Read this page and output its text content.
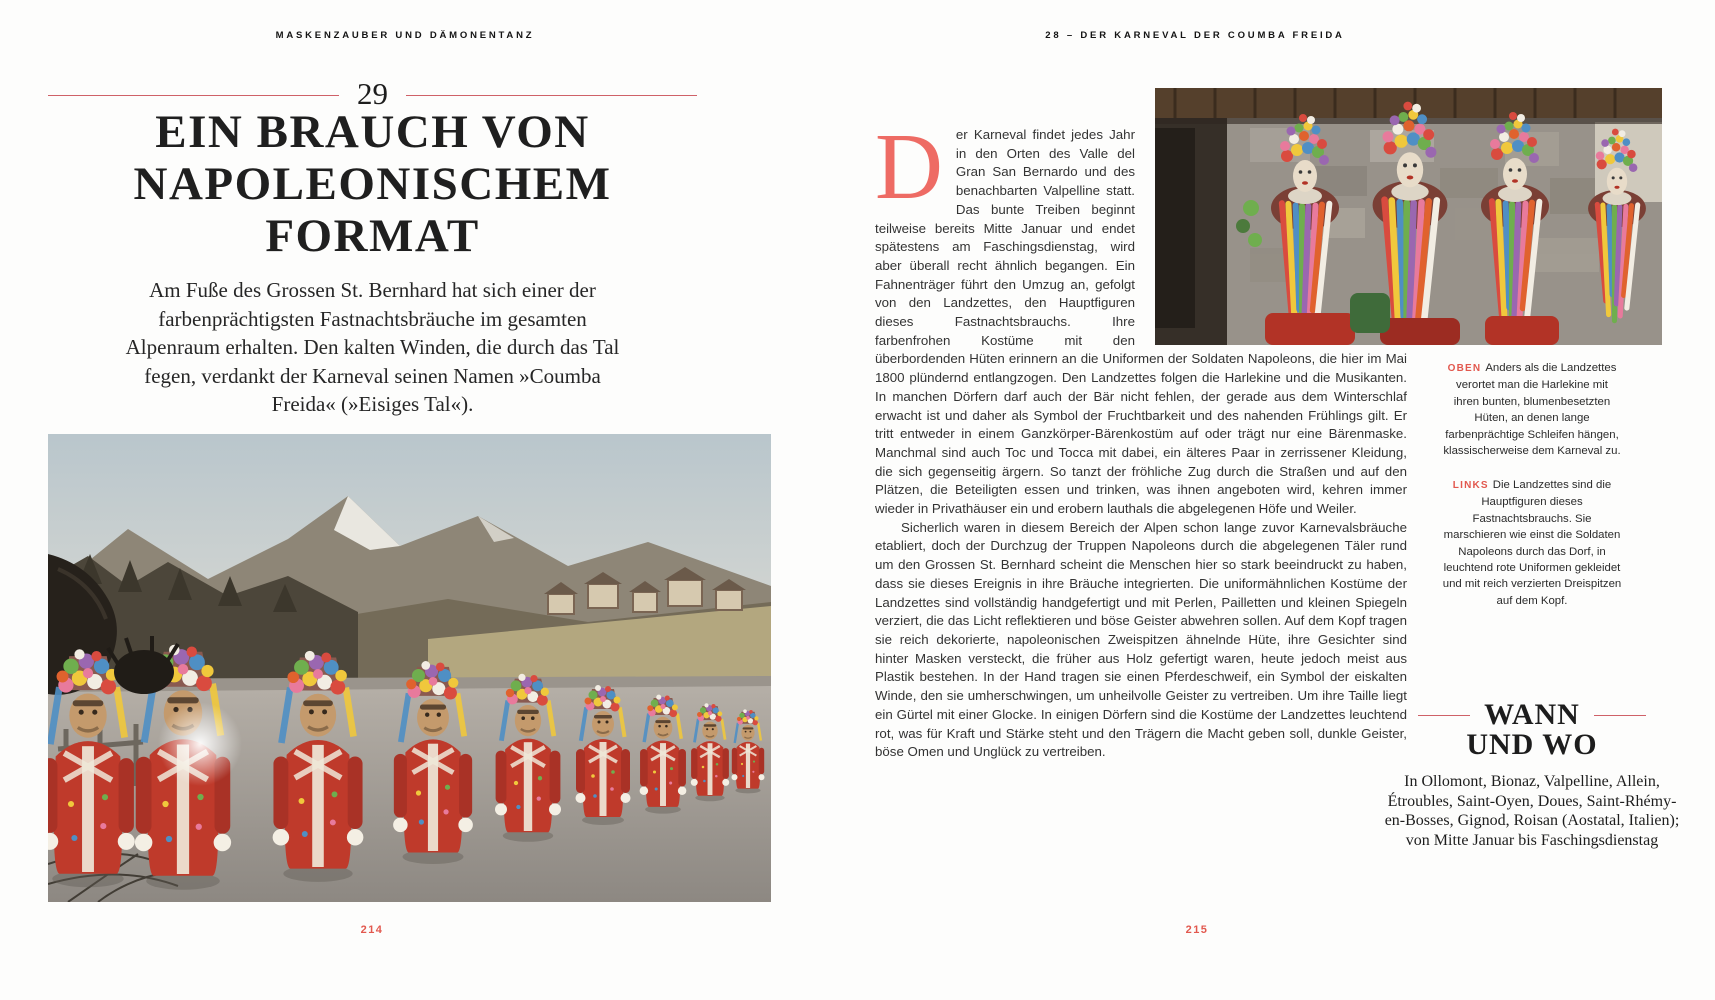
MASKENZAUBER UND DÄMONENTANZ	28 – DER KARNEVAL DER COUMBA FREIDA
29
EIN BRAUCH VON
NAPOLEONISCHEM
FORMAT

Am Fuße des Grossen St. Bernhard hat sich einer der farbenprächtigsten Fastnachtsbräuche im gesamten Alpenraum erhalten. Den kalten Winden, die durch das Tal fegen, verdankt der Karneval seinen Namen »Coumba Freida« (»Eisiges Tal«).

214

Der Karneval findet jedes Jahr in den Orten des Valle del Gran San Bernardo und des benachbarten Valpelline statt. Das bunte Treiben beginnt teilweise bereits Mitte Januar und endet spätestens am Faschingsdienstag, wird aber überall recht ähnlich begangen. Ein Fahnenträger führt den Umzug an, gefolgt von den Landzettes, den Hauptfiguren dieses Fastnachtsbrauchs. Ihre farbenfrohen Kostüme mit den überbordenden Hüten erinnern an die Uniformen der Soldaten Napoleons, die hier im Mai 1800 plündernd entlangzogen. Den Landzettes folgen die Harlekine und die Musikanten. In manchen Dörfern darf auch der Bär nicht fehlen, der gerade aus dem Winterschlaf erwacht ist und daher als Symbol der Fruchtbarkeit und des nahenden Frühlings gilt. Er tritt entweder in einem Ganzkörper-Bärenkostüm auf oder trägt nur eine Bärenmaske. Manchmal sind auch Toc und Tocca mit dabei, ein älteres Paar in zerrissener Kleidung, die sich gegenseitig ärgern. So tanzt der fröhliche Zug durch die Straßen und auf den Plätzen, die Beteiligten essen und trinken, was ihnen angeboten wird, kehren immer wieder in Privathäuser ein und erobern lauthals die abgelegenen Höfe und Weiler.

Sicherlich waren in diesem Bereich der Alpen schon lange zuvor Karnevalsbräuche etabliert, doch der Durchzug der Truppen Napoleons durch die abgelegenen Täler rund um den Grossen St. Bernhard scheint die Menschen hier so stark beeindruckt zu haben, dass sie dieses Ereignis in ihre Bräuche integrierten. Die uniformähnlichen Kostüme der Landzettes sind vollständig handgefertigt und mit Perlen, Pailletten und kleinen Spiegeln verziert, die das Licht reflektieren und böse Geister abwehren sollen. Auf dem Kopf tragen sie reich dekorierte, napoleonischen Zweispitzen ähnelnde Hüte, ihre Gesichter sind hinter Masken versteckt, die früher aus Holz gefertigt waren, heute jedoch meist aus Plastik bestehen. In der Hand tragen sie einen Pferdeschweif, ein Symbol der eiskalten Winde, den sie umherschwingen, um unheilvolle Geister zu vertreiben. Um ihre Taille liegt ein Gürtel mit einer Glocke. In einigen Dörfern sind die Kostüme der Landzettes leuchtend rot, was für Kraft und Stärke steht und den Trägern die Macht geben soll, dunkle Geister, böse Omen und Unglück zu vertreiben.

OBEN Anders als die Landzettes verortet man die Harlekine mit ihren bunten, blumenbesetzten Hüten, an denen lange farbenprächtige Schleifen hängen, klassischerweise dem Karneval zu.
LINKS Die Landzettes sind die Hauptfiguren dieses Fastnachtsbrauchs. Sie marschieren wie einst die Soldaten Napoleons durch das Dorf, in leuchtend rote Uniformen gekleidet und mit reich verzierten Dreispitzen auf dem Kopf.
WANN
UND WO

In Ollomont, Bionaz, Valpelline, Allein, Étroubles, Saint-Oyen, Doues, Saint-Rhémy-en-Bosses, Gignod, Roisan (Aostatal, Italien); von Mitte Januar bis Faschingsdienstag

215
